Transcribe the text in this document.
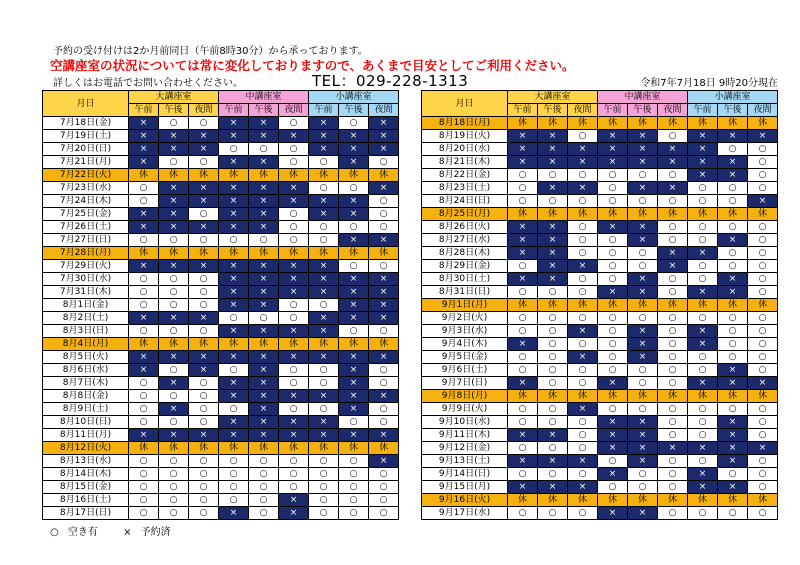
予約の受け付けは2か月前同日（午前8時30分）から承っております。
空講座室の状況については常に変化しておりますので、あくまで目安としてご利用ください。
詳しくはお電話でお問い合わせください。	TEL：029-228-1313	令和7年7月18日 9時20分現在
月日	大講座室			中講座室			小講座室		
	午前	午後	夜間	午前	午後	夜間	午前	午後	夜間
7月18日(金)	×	○	○	×	×	○	×	○	×
7月19日(土)	×	×	×	×	×	×	×	×	×
7月20日(日)	×	×	×	○	○	○	×	×	×
7月21日(月)	×	○	○	×	×	○	○	×	○
7月22日(火)	休	休	休	休	休	休	休	休	休
7月23日(水)	○	×	×	×	×	×	○	○	×
7月24日(木)	○	×	×	×	×	×	×	×	○
7月25日(金)	×	×	○	×	×	○	×	×	○
7月26日(土)	×	×	×	×	×	○	○	○	○
7月27日(日)	○	○	○	○	○	○	○	×	×
7月28日(月)	休	休	休	休	休	休	休	休	休
7月29日(火)	×	×	×	×	×	×	×	○	○
7月30日(水)	○	○	○	×	×	×	×	×	×
7月31日(木)	○	○	○	×	×	×	×	×	×
8月1日(金)	○	○	○	×	×	○	○	×	×
8月2日(土)	×	×	×	○	○	○	×	×	×
8月3日(日)	○	○	○	×	×	×	×	○	○
8月4日(月)	休	休	休	休	休	休	休	休	休
8月5日(火)	×	×	×	×	×	×	×	×	×
8月6日(水)	×	○	×	○	×	○	○	×	○
8月7日(木)	○	×	○	×	×	○	○	×	○
8月8日(金)	○	○	○	×	×	×	×	×	×
8月9日(土)	○	×	○	○	×	○	○	×	○
8月10日(日)	○	○	○	×	×	×	×	○	○
8月11日(月)	×	×	×	×	×	×	×	×	×
8月12日(火)	休	休	休	休	休	休	休	休	休
8月13日(水)	○	○	○	○	○	○	○	○	×
8月14日(木)	○	○	○	○	○	○	○	○	○
8月15日(金)	○	○	○	○	○	○	○	○	○
8月16日(土)	○	○	○	○	○	×	○	○	○
8月17日(日)	○	○	○	×	○	×	○	○	○
月日	大講座室			中講座室			小講座室		
	午前	午後	夜間	午前	午後	夜間	午前	午後	夜間
8月18日(月)	休	休	休	休	休	休	休	休	休
8月19日(火)	×	×	○	×	×	○	×	×	×
8月20日(水)	×	×	×	×	×	×	×	○	○
8月21日(木)	×	×	×	×	×	×	×	×	○
8月22日(金)	○	○	○	○	○	○	×	×	○
8月23日(土)	○	×	×	○	×	×	○	○	○
8月24日(日)	○	○	○	○	○	○	○	○	×
8月25日(月)	休	休	休	休	休	休	休	休	休
8月26日(火)	×	×	○	×	×	○	○	○	○
8月27日(水)	×	×	○	○	×	○	○	×	○
8月28日(木)	×	×	○	○	○	×	×	○	○
8月29日(金)	○	×	×	○	○	×	○	○	○
8月30日(土)	×	×	○	○	×	○	○	×	○
8月31日(日)	○	○	○	×	×	○	×	×	○
9月1日(月)	休	休	休	休	休	休	休	休	休
9月2日(火)	○	○	○	○	○	○	○	○	○
9月3日(水)	○	○	×	○	×	○	×	○	○
9月4日(木)	×	○	○	○	×	○	×	○	○
9月5日(金)	○	○	×	○	×	○	○	○	○
9月6日(土)	○	○	○	○	○	○	○	×	○
9月7日(日)	×	○	○	×	○	○	×	×	×
9月8日(月)	休	休	休	休	休	休	休	休	休
9月9日(火)	○	○	×	○	○	○	○	○	○
9月10日(水)	○	○	○	×	×	○	○	×	○
9月11日(木)	×	×	○	×	×	○	○	×	○
9月12日(金)	○	○	○	×	×	×	×	×	×
9月13日(土)	×	×	×	○	×	○	○	×	○
9月14日(日)	○	○	○	×	○	○	×	○	○
9月15日(月)	×	×	×	○	○	○	×	×	○
9月16日(火)	休	休	休	休	休	休	休	休	休
9月17日(水)	○	○	○	×	×	○	○	○	○
○ 空き有	× 予約済
